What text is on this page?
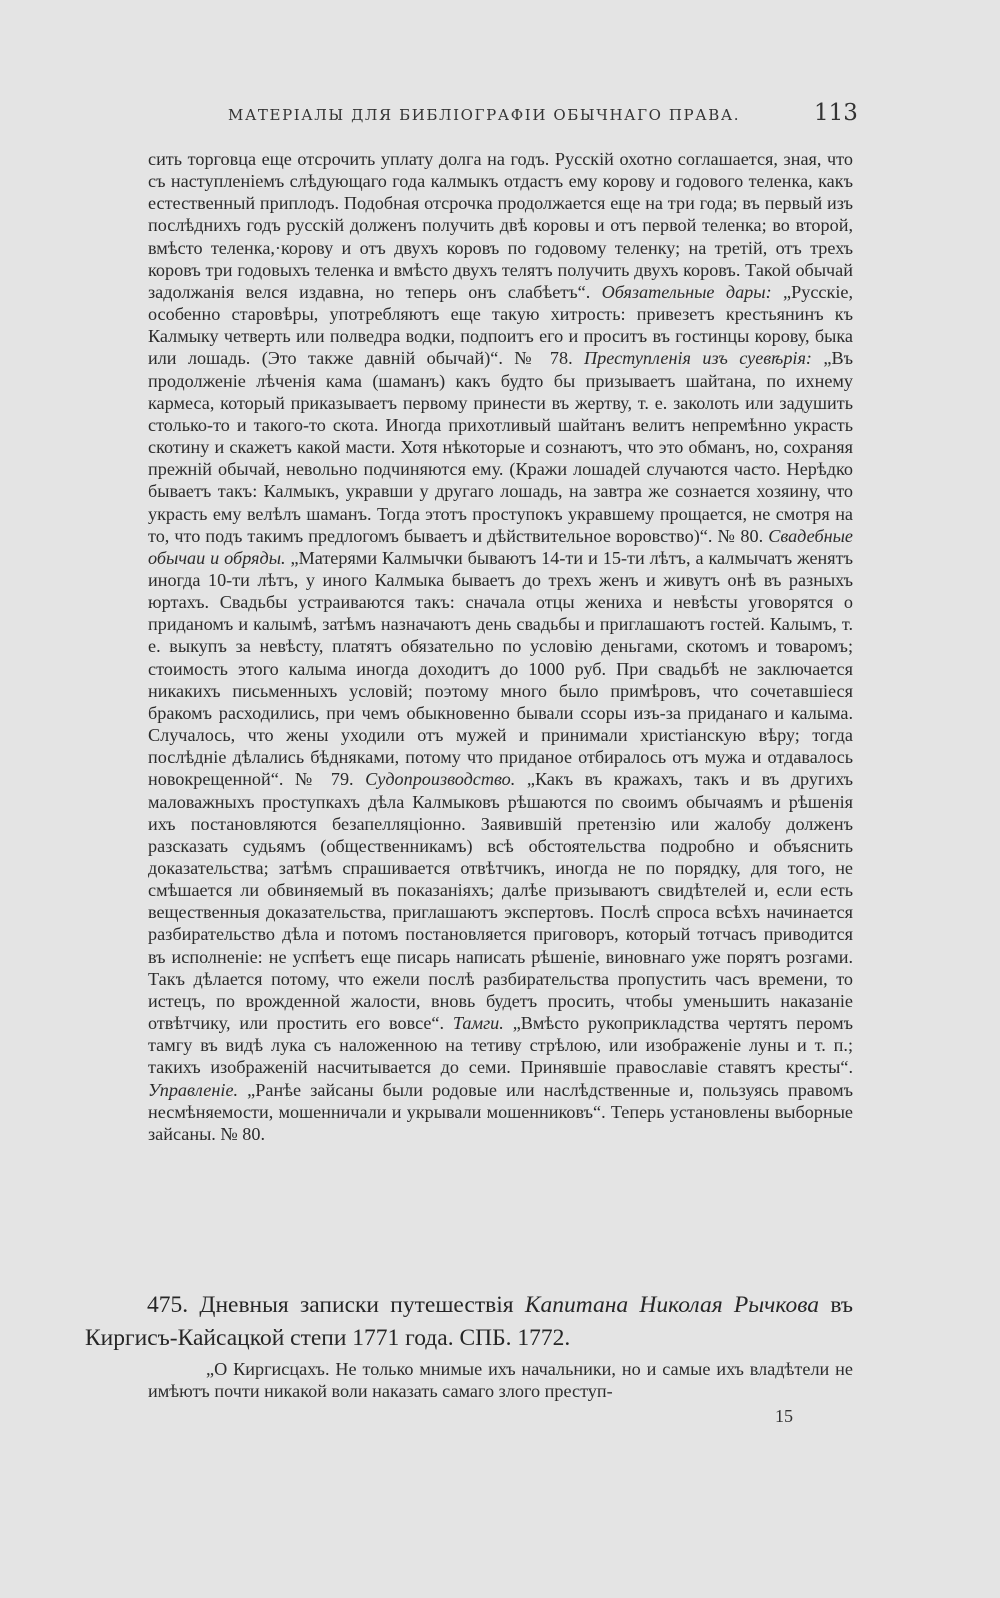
МАТЕРІАЛЫ ДЛЯ БИБЛІОГРАФІИ ОБЫЧНАГО ПРАВА.	113

сить торговца еще отсрочить уплату долга на годъ. Русскій охотно соглашается, зная, что съ наступленіемъ слѣдующаго года калмыкъ отдастъ ему корову и годового теленка, какъ естественный приплодъ. Подобная отсрочка продолжается еще на три года; въ первый изъ послѣднихъ годъ русскій долженъ получить двѣ коровы и отъ первой теленка; во второй, вмѣсто теленка,·корову и отъ двухъ коровъ по годовому теленку; на третій, отъ трехъ коровъ три годовыхъ теленка и вмѣсто двухъ телятъ получить двухъ коровъ. Такой обычай задолжанія велся издавна, но теперь онъ слабѣетъ“. Обязательные дары: „Русскіе, особенно старовѣры, употребляютъ еще такую хитрость: привезетъ крестьянинъ къ Калмыку четверть или полведра водки, подпоитъ его и проситъ въ гостинцы корову, быка или лошадь. (Это также давній обычай)“. № 78. Преступленія изъ суевѣрія: „Въ продолженіе лѣченія кама (шаманъ) какъ будто бы призываетъ шайтана, по ихнему кармеса, который приказываетъ первому принести въ жертву, т. е. заколоть или задушить столько-то и такого-то скота. Иногда прихотливый шайтанъ велитъ непремѣнно украсть скотину и скажетъ какой масти. Хотя нѣкоторые и сознаютъ, что это обманъ, но, сохраняя прежній обычай, невольно подчиняются ему. (Кражи лошадей случаются часто. Нерѣдко бываетъ такъ: Калмыкъ, укравши у другаго лошадь, на завтра же сознается хозяину, что украсть ему велѣлъ шаманъ. Тогда этотъ проступокъ укравшему прощается, не смотря на то, что подъ такимъ предлогомъ бываетъ и дѣйствительное воровство)“. № 80. Свадебные обычаи и обряды. „Матерями Калмычки бываютъ 14-ти и 15-ти лѣтъ, а калмычатъ женятъ иногда 10-ти лѣтъ, у иного Калмыка бываетъ до трехъ женъ и живутъ онѣ въ разныхъ юртахъ. Свадьбы устраиваются такъ: сначала отцы жениха и невѣсты уговорятся о приданомъ и калымѣ, затѣмъ назначаютъ день свадьбы и приглашаютъ гостей. Калымъ, т. е. выкупъ за невѣсту, платятъ обязательно по условію деньгами, скотомъ и товаромъ; стоимость этого калыма иногда доходитъ до 1000 руб. При свадьбѣ не заключается никакихъ письменныхъ условій; поэтому много было примѣровъ, что сочетавшіеся бракомъ расходились, при чемъ обыкновенно бывали ссоры изъ-за приданаго и калыма. Случалось, что жены уходили отъ мужей и принимали христіанскую вѣру; тогда послѣдніе дѣлались бѣдняками, потому что приданое отбиралось отъ мужа и отдавалось новокрещенной“. № 79. Судопроизводство. „Какъ въ кражахъ, такъ и въ другихъ маловажныхъ проступкахъ дѣла Калмыковъ рѣшаются по своимъ обычаямъ и рѣшенія ихъ постановляются безапелляціонно. Заявившій претензію или жалобу долженъ разсказать судьямъ (общественникамъ) всѣ обстоятельства подробно и объяснить доказательства; затѣмъ спрашивается отвѣтчикъ, иногда не по порядку, для того, не смѣшается ли обвиняемый въ показаніяхъ; далѣе призываютъ свидѣтелей и, если есть вещественныя доказательства, приглашаютъ экспертовъ. Послѣ спроса всѣхъ начинается разбирательство дѣла и потомъ постановляется приговоръ, который тотчасъ приводится въ исполненіе: не успѣетъ еще писарь написать рѣшеніе, виновнаго уже порятъ розгами. Такъ дѣлается потому, что ежели послѣ разбирательства пропустить часъ времени, то истецъ, по врожденной жалости, вновь будетъ просить, чтобы уменьшить наказаніе отвѣтчику, или простить его вовсе“. Тамги. „Вмѣсто рукоприкладства чертятъ перомъ тамгу въ видѣ лука съ наложенною на тетиву стрѣлою, или изображеніе луны и т. п.; такихъ изображеній насчитывается до семи. Принявшіе православіе ставятъ кресты“. Управленіе. „Ранѣе зайсаны были родовые или наслѣдственные и, пользуясь правомъ несмѣняемости, мошенничали и укрывали мошенниковъ“. Теперь установлены выборные зайсаны. № 80.

475. Дневныя записки путешествія Капитана Николая Рычкова въ Киргисъ-Кайсацкой степи 1771 года. СПБ. 1772.

„О Киргисцахъ. Не только мнимые ихъ начальники, но и самые ихъ владѣтели не имѣютъ почти никакой воли наказать самаго злого преступ-

15
